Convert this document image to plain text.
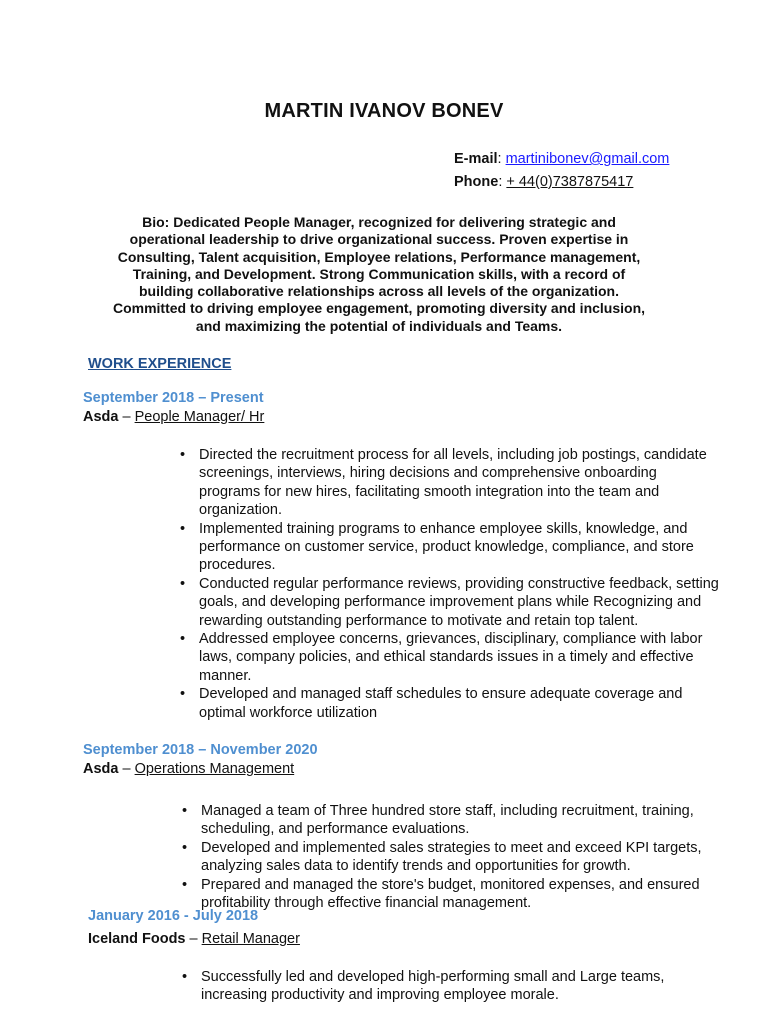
MARTIN IVANOV BONEV
E-mail: martinibonev@gmail.com
Phone: + 44(0)7387875417
Bio: Dedicated People Manager, recognized for delivering strategic and
operational leadership to drive organizational success. Proven expertise in
Consulting, Talent acquisition, Employee relations, Performance management,
Training, and Development. Strong Communication skills, with a record of
building collaborative relationships across all levels of the organization.
Committed to driving employee engagement, promoting diversity and inclusion,
and maximizing the potential of individuals and Teams.
WORK EXPERIENCE
September 2018 – Present
Asda – People Manager/ Hr
• Directed the recruitment process for all levels, including job postings, candidate screenings, interviews, hiring decisions and comprehensive onboarding programs for new hires, facilitating smooth integration into the team and organization.
• Implemented training programs to enhance employee skills, knowledge, and performance on customer service, product knowledge, compliance, and store procedures.
• Conducted regular performance reviews, providing constructive feedback, setting goals, and developing performance improvement plans while Recognizing and rewarding outstanding performance to motivate and retain top talent.
• Addressed employee concerns, grievances, disciplinary, compliance with labor laws, company policies, and ethical standards issues in a timely and effective manner.
• Developed and managed staff schedules to ensure adequate coverage and optimal workforce utilization
September 2018 – November 2020
Asda – Operations Management
• Managed a team of Three hundred store staff, including recruitment, training, scheduling, and performance evaluations.
• Developed and implemented sales strategies to meet and exceed KPI targets, analyzing sales data to identify trends and opportunities for growth.
• Prepared and managed the store's budget, monitored expenses, and ensured profitability through effective financial management.
January 2016 - July 2018
Iceland Foods – Retail Manager
• Successfully led and developed high-performing small and Large teams, increasing productivity and improving employee morale.
